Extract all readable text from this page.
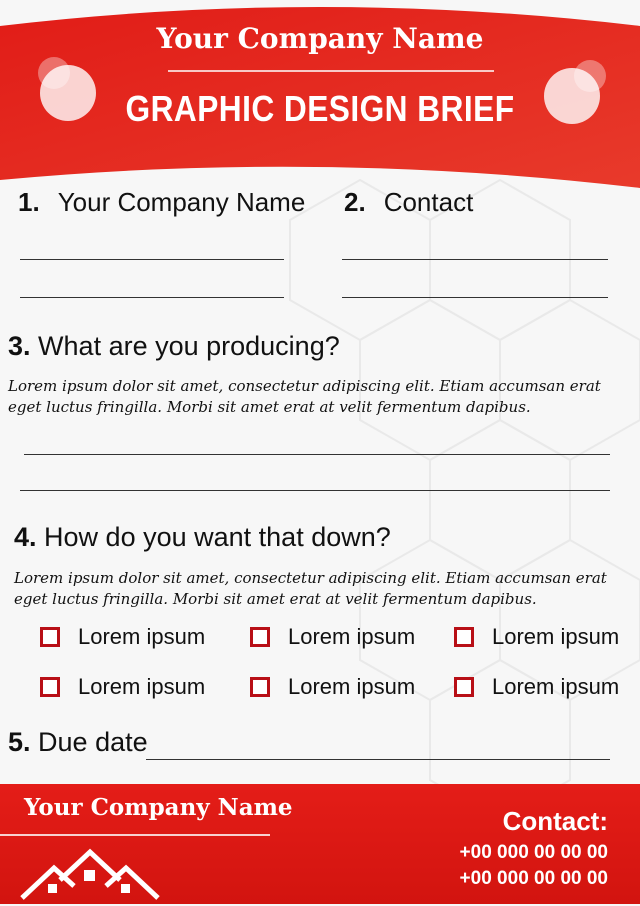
Your Company Name
GRAPHIC DESIGN BRIEF
1. Your Company Name 2. Contact
3. What are you producing?
Lorem ipsum dolor sit amet, consectetur adipiscing elit. Etiam accumsan erat
eget luctus fringilla. Morbi sit amet erat at velit fermentum dapibus.
4. How do you want that down?
Lorem ipsum dolor sit amet, consectetur adipiscing elit. Etiam accumsan erat
eget luctus fringilla. Morbi sit amet erat at velit fermentum dapibus.
Lorem ipsum	Lorem ipsum	Lorem ipsum
Lorem ipsum	Lorem ipsum	Lorem ipsum
5. Due date
Your Company Name	Contact:
+00 000 00 00 00
+00 000 00 00 00
